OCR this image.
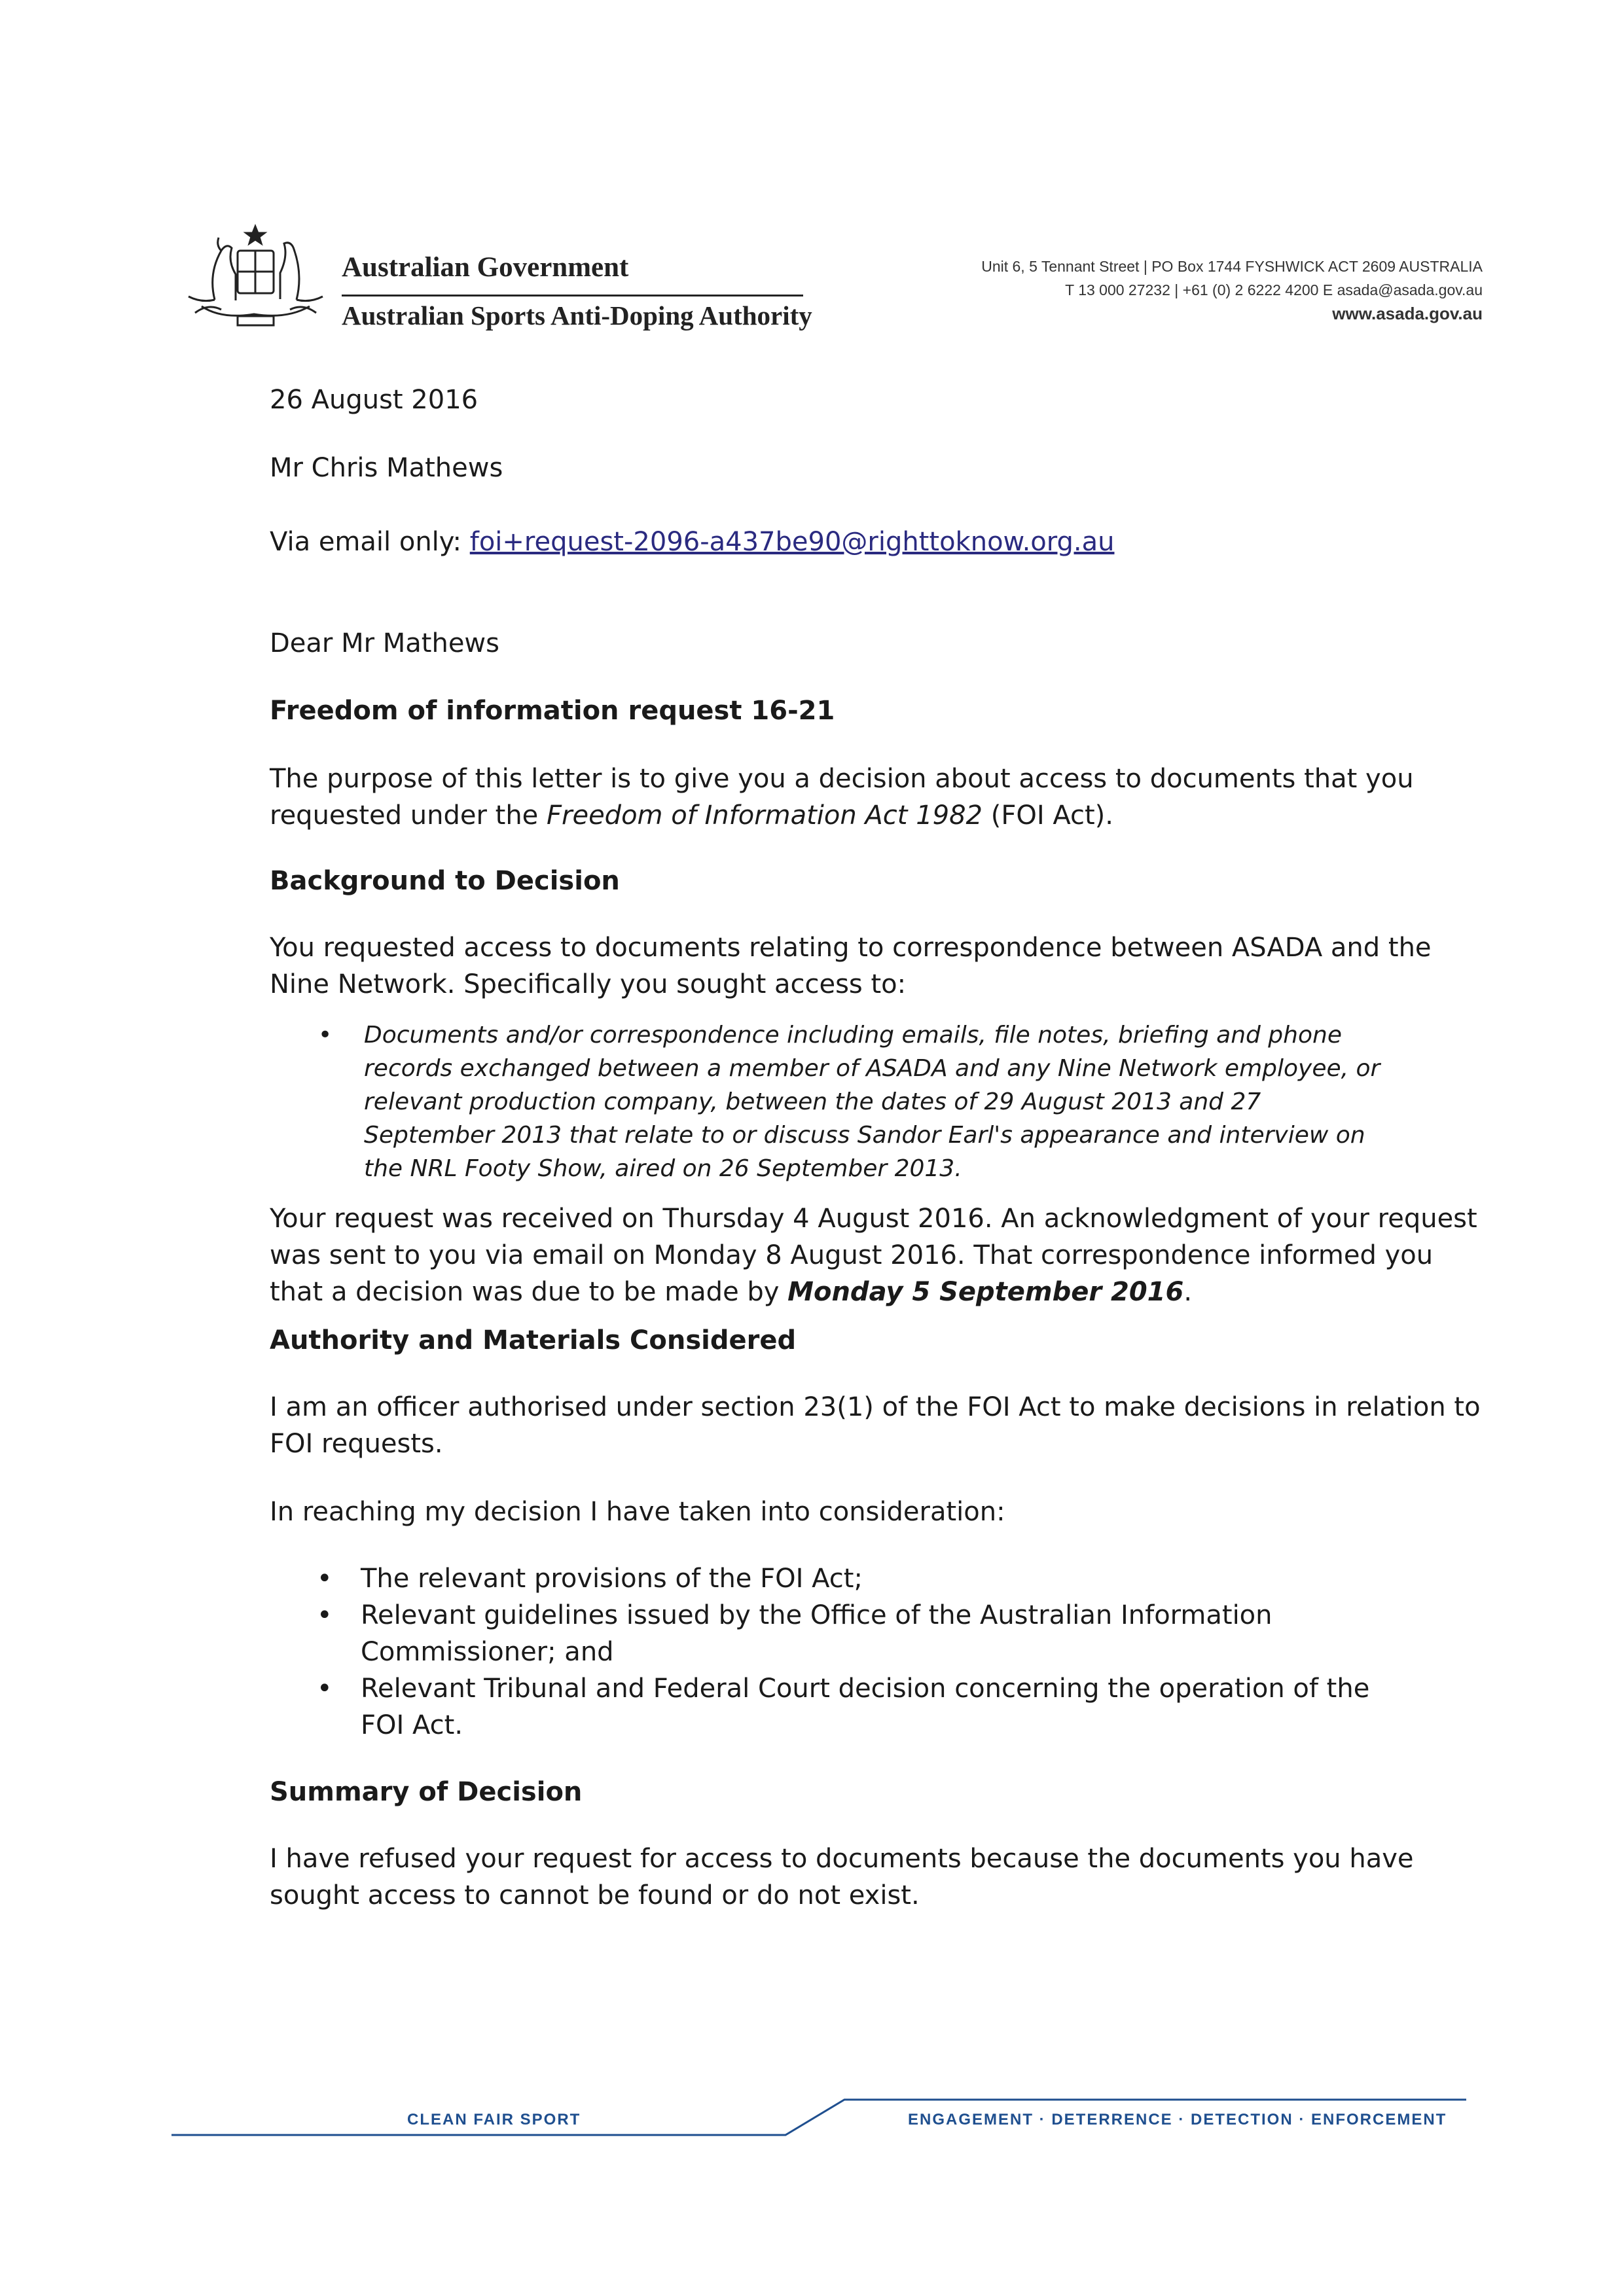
Australian Government
Australian Sports Anti-Doping Authority
Unit 6, 5 Tennant Street | PO Box 1744 FYSHWICK ACT 2609 AUSTRALIA
T 13 000 27232 | +61 (0) 2 6222 4200 E asada@asada.gov.au
www.asada.gov.au
26 August 2016
Mr Chris Mathews
Via email only: foi+request-2096-a437be90@righttoknow.org.au
Dear Mr Mathews
Freedom of information request 16-21
The purpose of this letter is to give you a decision about access to documents that you
requested under the Freedom of Information Act 1982 (FOI Act).
Background to Decision
You requested access to documents relating to correspondence between ASADA and the
Nine Network. Specifically you sought access to:
• Documents and/or correspondence including emails, file notes, briefing and phone records exchanged between a member of ASADA and any Nine Network employee, or relevant production company, between the dates of 29 August 2013 and 27 September 2013 that relate to or discuss Sandor Earl's appearance and interview on the NRL Footy Show, aired on 26 September 2013.
Your request was received on Thursday 4 August 2016. An acknowledgment of your request
was sent to you via email on Monday 8 August 2016. That correspondence informed you
that a decision was due to be made by Monday 5 September 2016.
Authority and Materials Considered
I am an officer authorised under section 23(1) of the FOI Act to make decisions in relation to
FOI requests.
In reaching my decision I have taken into consideration:
• The relevant provisions of the FOI Act;
• Relevant guidelines issued by the Office of the Australian Information Commissioner; and
• Relevant Tribunal and Federal Court decision concerning the operation of the FOI Act.
Summary of Decision
I have refused your request for access to documents because the documents you have
sought access to cannot be found or do not exist.
CLEAN FAIR SPORT	ENGAGEMENT · DETERRENCE · DETECTION · ENFORCEMENT
